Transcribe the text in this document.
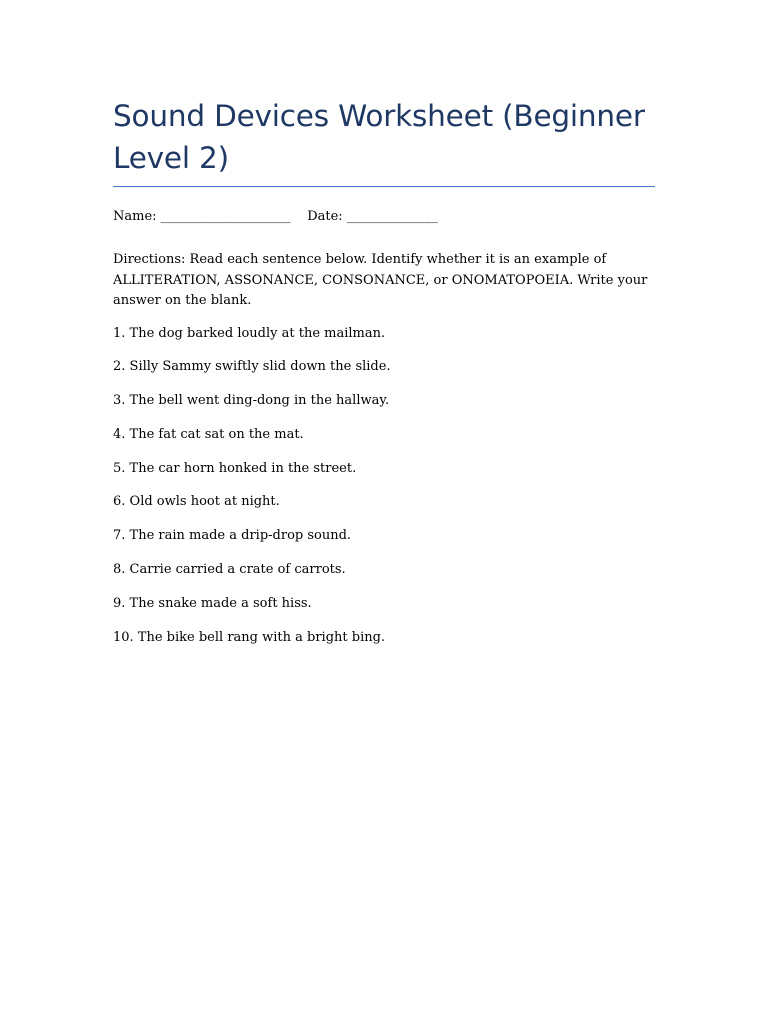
Sound Devices Worksheet (Beginner Level 2)
Name: ____________________    Date: ______________
Directions: Read each sentence below. Identify whether it is an example of ALLITERATION, ASSONANCE, CONSONANCE, or ONOMATOPOEIA. Write your answer on the blank.
1. The dog barked loudly at the mailman.
2. Silly Sammy swiftly slid down the slide.
3. The bell went ding-dong in the hallway.
4. The fat cat sat on the mat.
5. The car horn honked in the street.
6. Old owls hoot at night.
7. The rain made a drip-drop sound.
8. Carrie carried a crate of carrots.
9. The snake made a soft hiss.
10. The bike bell rang with a bright bing.
